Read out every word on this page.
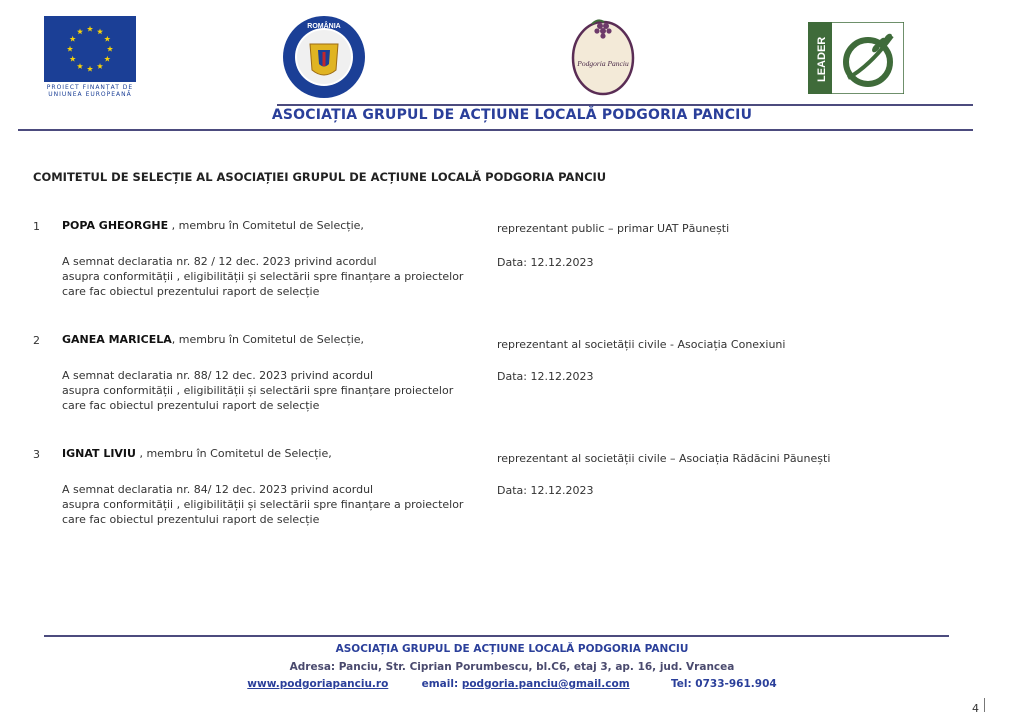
PROIECT FINANȚAT DE
UNIUNEA EUROPEANĂ
ROMÂNIA
Podgoria Panciu	LEADER
ASOCIAȚIA GRUPUL DE ACȚIUNE LOCALĂ PODGORIA PANCIU
COMITETUL DE SELECȚIE AL ASOCIAȚIEI GRUPUL DE ACȚIUNE LOCALĂ PODGORIA PANCIU
1 POPA GHEORGHE , membru în Comitetul de Selecție,	reprezentant public – primar UAT Păunești
A semnat declaratia nr. 82 / 12 dec. 2023 privind acordul
asupra conformității , eligibilității și selectării spre finanțare a proiectelor
care fac obiectul prezentului raport de selecție
Data: 12.12.2023
2 GANEA MARICELA, membru în Comitetul de Selecție,	reprezentant al societății civile - Asociația Conexiuni
A semnat declaratia nr. 88/ 12 dec. 2023 privind acordul
asupra conformității , eligibilității și selectării spre finanțare proiectelor
care fac obiectul prezentului raport de selecție
Data: 12.12.2023
3 IGNAT LIVIU , membru în Comitetul de Selecție,	reprezentant al societății civile – Asociația Rădăcini Păunești
A semnat declaratia nr. 84/ 12 dec. 2023 privind acordul
asupra conformității , eligibilității și selectării spre finanțare a proiectelor
care fac obiectul prezentului raport de selecție
Data: 12.12.2023
ASOCIAȚIA GRUPUL DE ACȚIUNE LOCALĂ PODGORIA PANCIU
Adresa: Panciu, Str. Ciprian Porumbescu, bl.C6, etaj 3, ap. 16, jud. Vrancea
www.podgoriapanciu.ro	email: podgoria.panciu@gmail.com	Tel: 0733-961.904
4
